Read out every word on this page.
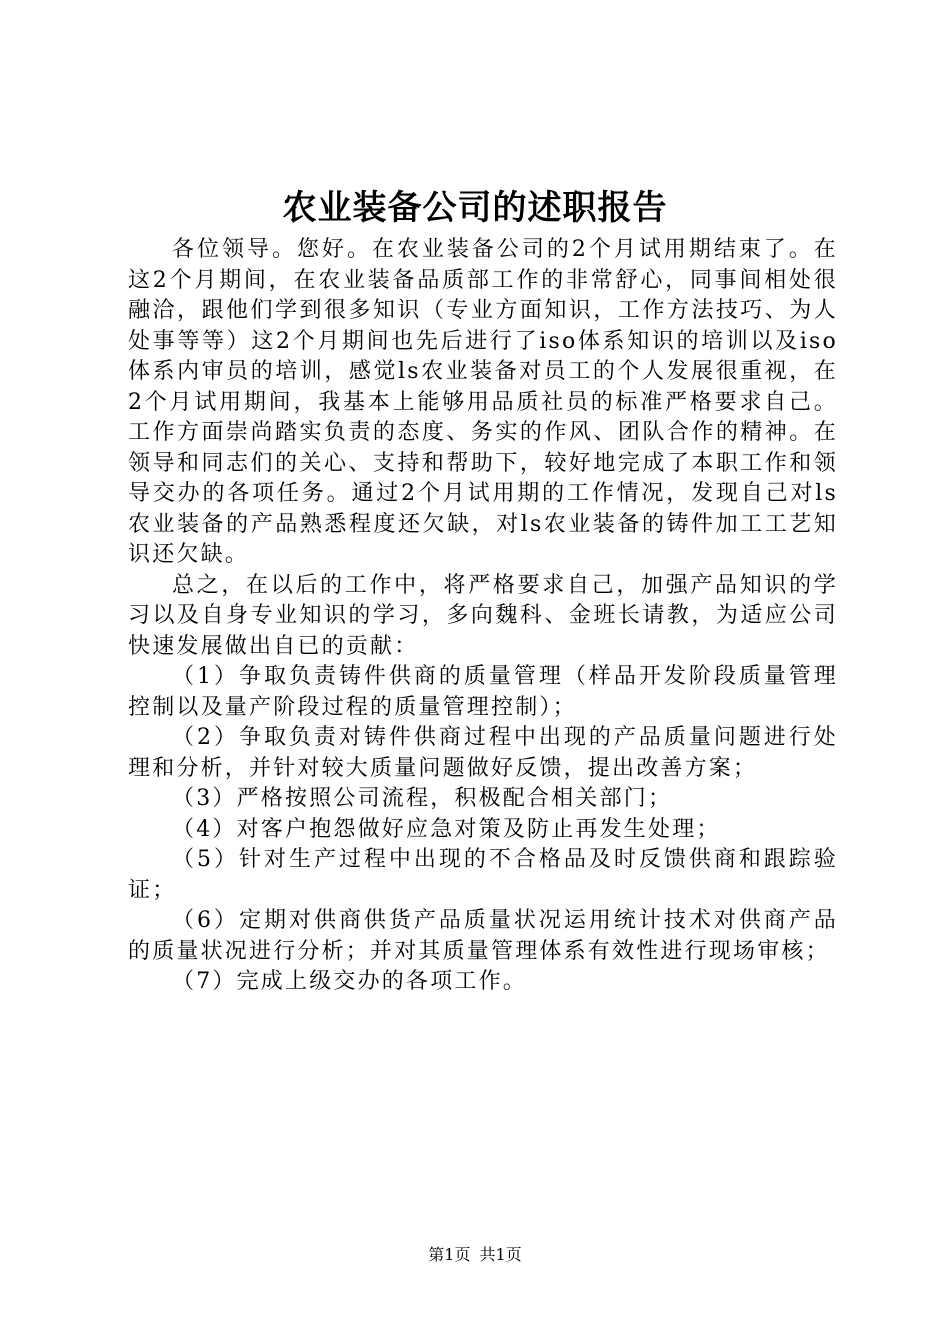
农业装备公司的述职报告

各位领导。您好。在农业装备公司的2个月试用期结束了。在这2个月期间，在农业装备品质部工作的非常舒心，同事间相处很融洽，跟他们学到很多知识（专业方面知识，工作方法技巧、为人处事等等）这2个月期间也先后进行了iso体系知识的培训以及iso体系内审员的培训，感觉ls农业装备对员工的个人发展很重视，在2个月试用期间，我基本上能够用品质社员的标准严格要求自己。工作方面崇尚踏实负责的态度、务实的作风、团队合作的精神。在领导和同志们的关心、支持和帮助下，较好地完成了本职工作和领导交办的各项任务。通过2个月试用期的工作情况，发现自己对ls农业装备的产品熟悉程度还欠缺，对ls农业装备的铸件加工工艺知识还欠缺。

总之，在以后的工作中，将严格要求自己，加强产品知识的学习以及自身专业知识的学习，多向魏科、金班长请教，为适应公司快速发展做出自已的贡献：

（1）争取负责铸件供商的质量管理（样品开发阶段质量管理控制以及量产阶段过程的质量管理控制）；

（2）争取负责对铸件供商过程中出现的产品质量问题进行处理和分析，并针对较大质量问题做好反馈，提出改善方案；

（3）严格按照公司流程，积极配合相关部门；

（4）对客户抱怨做好应急对策及防止再发生处理；

（5）针对生产过程中出现的不合格品及时反馈供商和跟踪验证；

（6）定期对供商供货产品质量状况运用统计技术对供商产品的质量状况进行分析；并对其质量管理体系有效性进行现场审核；

（7）完成上级交办的各项工作。

第1页 共1页
